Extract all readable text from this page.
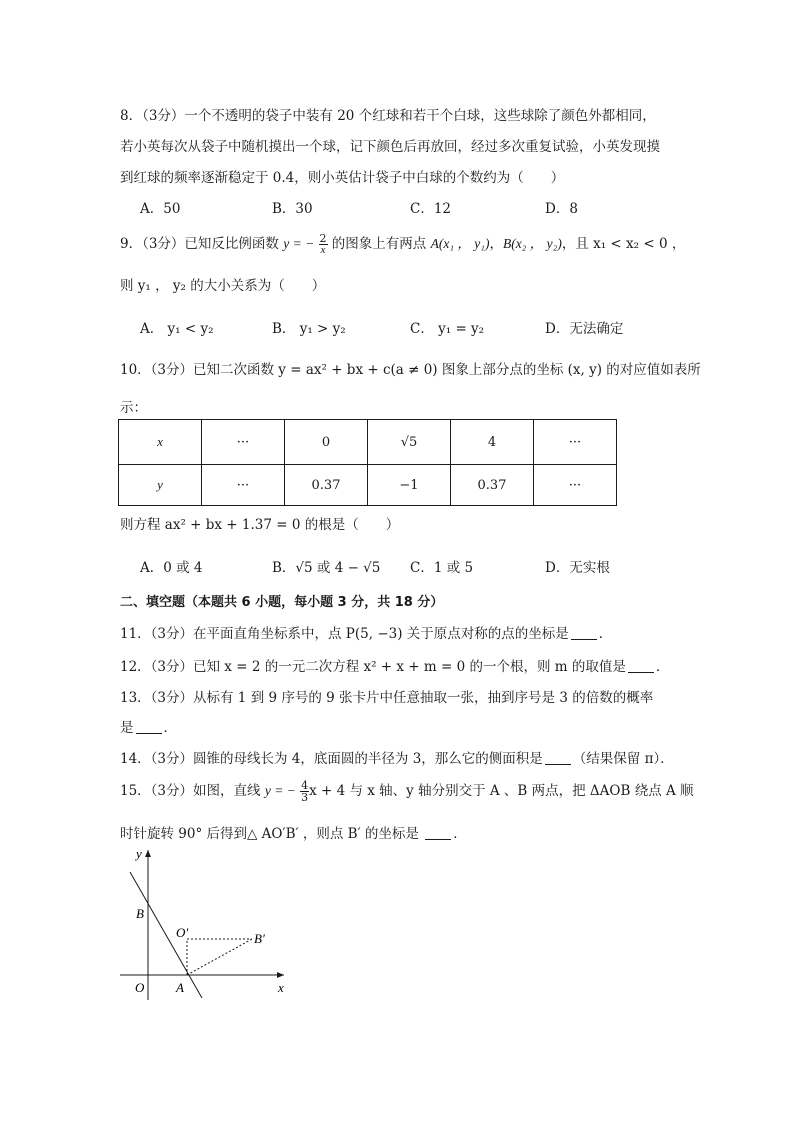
8．（3分）一个不透明的袋子中装有 20 个红球和若干个白球，这些球除了颜色外都相同，
若小英每次从袋子中随机摸出一个球，记下颜色后再放回，经过多次重复试验，小英发现摸
到红球的频率逐渐稳定于 0.4，则小英估计袋子中白球的个数约为（　　）
A．50	B．30	C．12	D．8
9．（3分）已知反比例函数 y = − $\frac{2}{x}$ 的图象上有两点 A(x₁ ， y₁)，B(x₂ ， y₂)，且 x₁ < x₂ < 0 ，
则 y₁ ， y₂ 的大小关系为（　　）
A． y₁ < y₂	B． y₁ > y₂	C． y₁ = y₂	D．无法确定
10．（3分）已知二次函数 y = ax² + bx + c(a ≠ 0) 图象上部分点的坐标 (x, y) 的对应值如表所
示：
x	···	0	√5	4	···
y	···	0.37	−1	0.37	···
则方程 ax² + bx + 1.37 = 0 的根是（　　）
A．0 或 4	B．√5 或 4 − √5 C．1 或 5	D．无实根
二、填空题（本题共 6 小题，每小题 3 分，共 18 分）
11．（3分）在平面直角坐标系中，点 P(5, −3) 关于原点对称的点的坐标是 ．
12．（3分）已知 x = 2 的一元二次方程 x² + x + m = 0 的一个根，则 m 的取值是 ．
13．（3分）从标有 1 到 9 序号的 9 张卡片中任意抽取一张，抽到序号是 3 的倍数的概率
是 ．
14．（3分）圆锥的母线长为 4，底面圆的半径为 3，那么它的侧面积是 （结果保留 π）．
15．（3分）如图，直线 y = − $\frac{4}{3}$ x + 4 与 x 轴、y 轴分别交于 A 、B 两点，把 ΔAOB 绕点 A 顺
时针旋转 90° 后得到△ AO′B′ ，则点 B′ 的坐标是	．
y
x
B
O′	B′
O A
